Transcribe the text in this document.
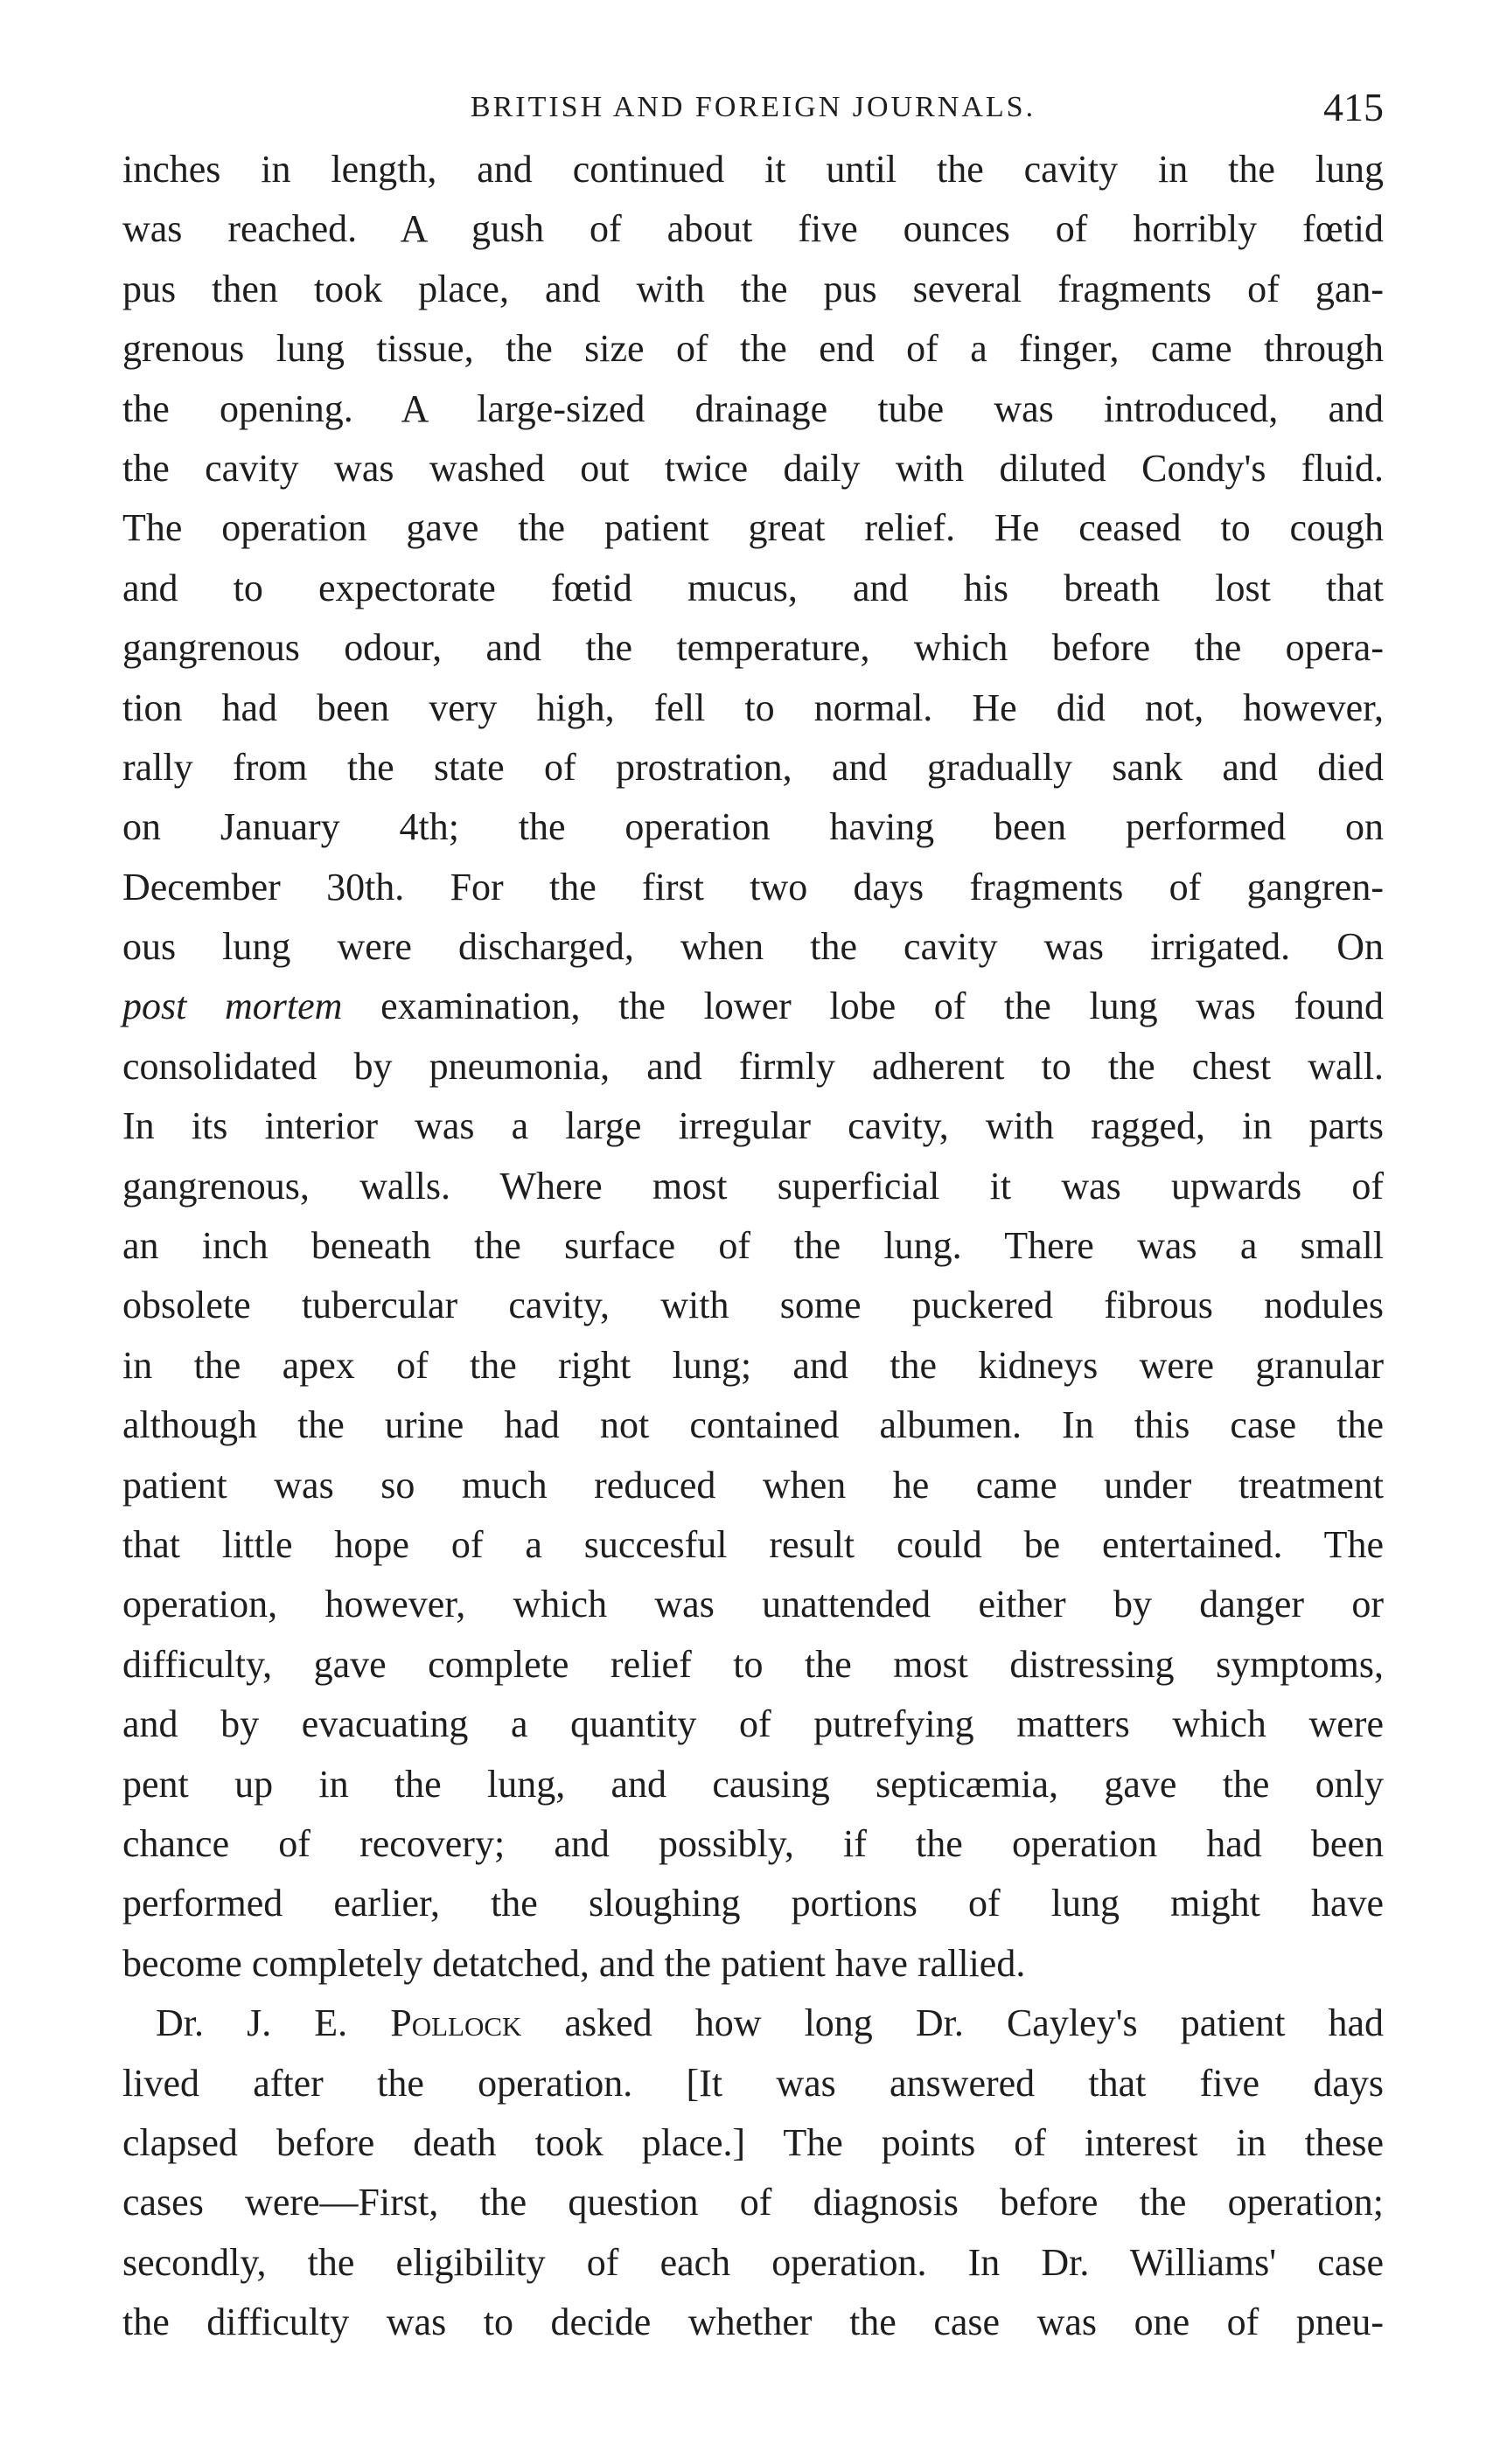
BRITISH AND FOREIGN JOURNALS.	415
inches in length, and continued it until the cavity in the lung
was reached. A gush of about five ounces of horribly fœtid
pus then took place, and with the pus several fragments of gan-
grenous lung tissue, the size of the end of a finger, came through
the opening. A large-sized drainage tube was introduced, and
the cavity was washed out twice daily with diluted Condy's fluid.
The operation gave the patient great relief. He ceased to cough
and to expectorate fœtid mucus, and his breath lost that
gangrenous odour, and the temperature, which before the opera-
tion had been very high, fell to normal. He did not, however,
rally from the state of prostration, and gradually sank and died
on January 4th; the operation having been performed on
December 30th. For the first two days fragments of gangren-
ous lung were discharged, when the cavity was irrigated. On
post mortem examination, the lower lobe of the lung was found
consolidated by pneumonia, and firmly adherent to the chest wall.
In its interior was a large irregular cavity, with ragged, in parts
gangrenous, walls. Where most superficial it was upwards of
an inch beneath the surface of the lung. There was a small
obsolete tubercular cavity, with some puckered fibrous nodules
in the apex of the right lung; and the kidneys were granular
although the urine had not contained albumen. In this case the
patient was so much reduced when he came under treatment
that little hope of a succesful result could be entertained. The
operation, however, which was unattended either by danger or
difficulty, gave complete relief to the most distressing symptoms,
and by evacuating a quantity of putrefying matters which were
pent up in the lung, and causing septicæmia, gave the only
chance of recovery; and possibly, if the operation had been
performed earlier, the sloughing portions of lung might have
become completely detatched, and the patient have rallied.
Dr. J. E. Pollock asked how long Dr. Cayley's patient had
lived after the operation. [It was answered that five days
clapsed before death took place.] The points of interest in these
cases were—First, the question of diagnosis before the operation;
secondly, the eligibility of each operation. In Dr. Williams' case
the difficulty was to decide whether the case was one of pneu-
